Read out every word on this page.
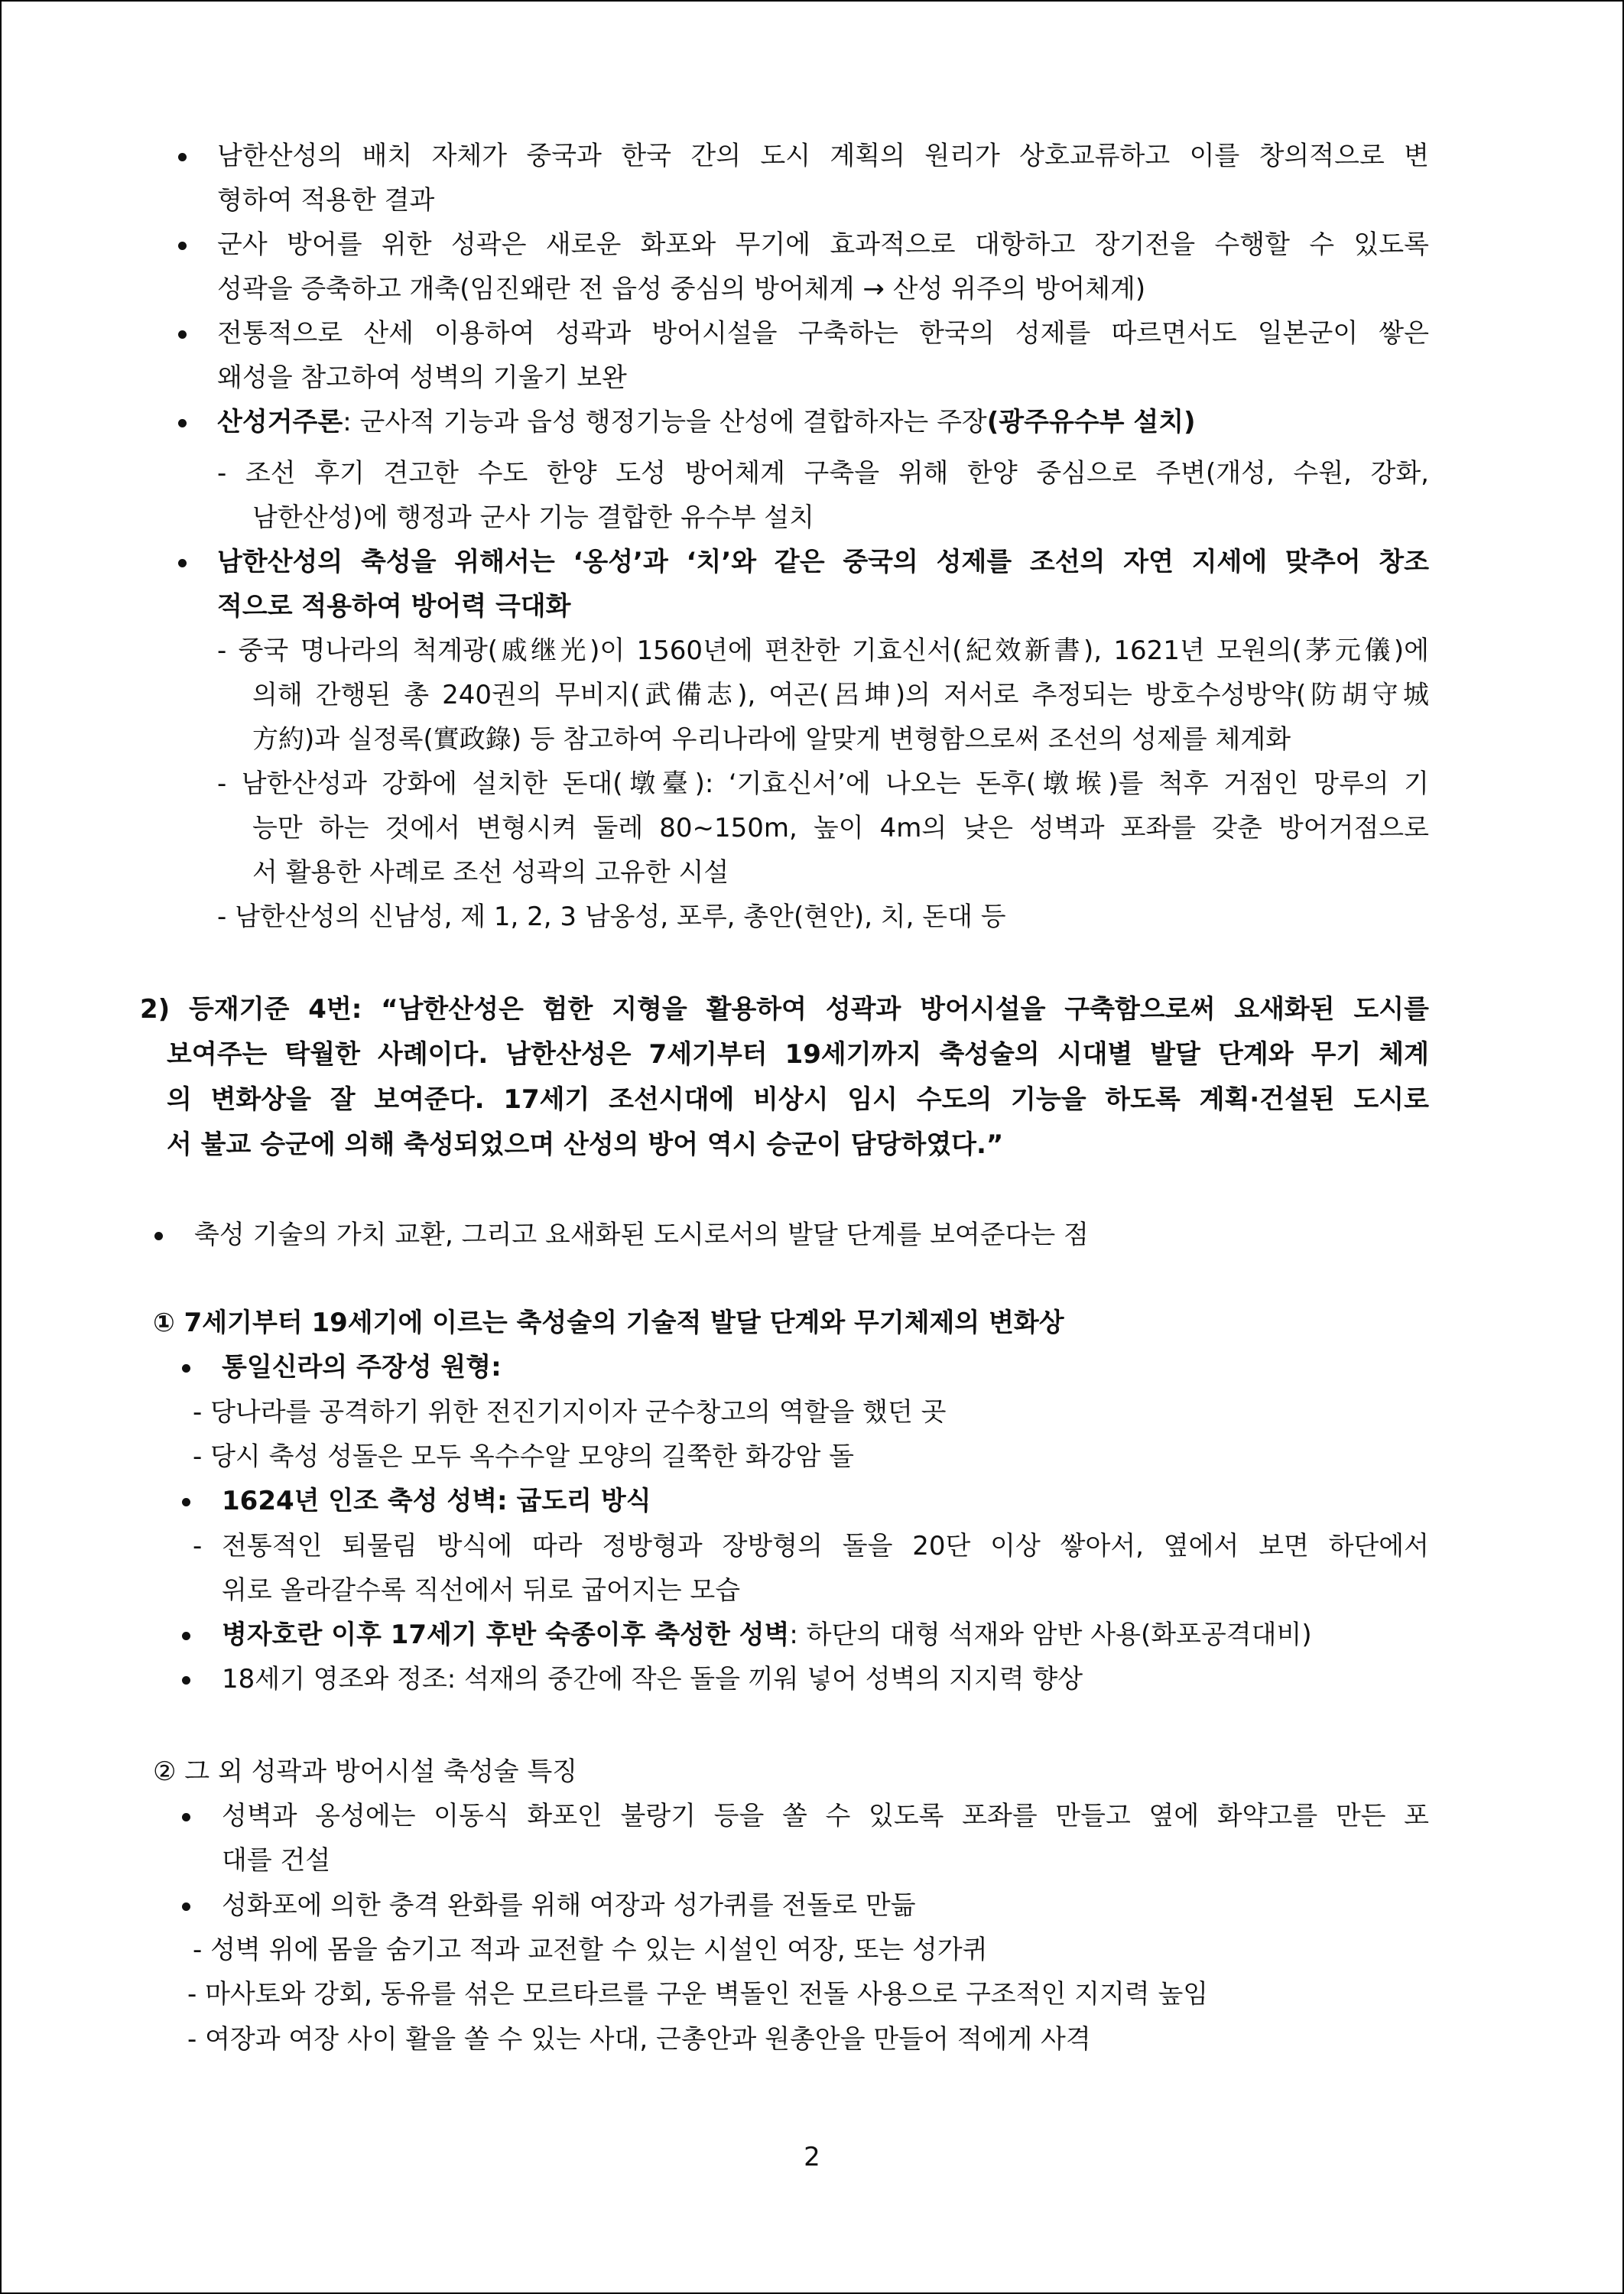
남한산성의 배치 자체가 중국과 한국 간의 도시 계획의 원리가 상호교류하고 이를 창의적으로 변
형하여 적용한 결과
군사 방어를 위한 성곽은 새로운 화포와 무기에 효과적으로 대항하고 장기전을 수행할 수 있도록
성곽을 증축하고 개축(임진왜란 전 읍성 중심의 방어체계 → 산성 위주의 방어체계)
전통적으로 산세 이용하여 성곽과 방어시설을 구축하는 한국의 성제를 따르면서도 일본군이 쌓은
왜성을 참고하여 성벽의 기울기 보완
산성거주론: 군사적 기능과 읍성 행정기능을 산성에 결합하자는 주장(광주유수부 설치)
- 조선 후기 견고한 수도 한양 도성 방어체계 구축을 위해 한양 중심으로 주변(개성, 수원, 강화,
남한산성)에 행정과 군사 기능 결합한 유수부 설치
남한산성의 축성을 위해서는 ‘옹성’과 ‘치’와 같은 중국의 성제를 조선의 자연 지세에 맞추어 창조
적으로 적용하여 방어력 극대화
- 중국 명나라의 척계광(戚继光)이 1560년에 편찬한 기효신서(紀效新書), 1621년 모원의(茅元儀)에
의해 간행된 총 240권의 무비지(武備志), 여곤(呂坤)의 저서로 추정되는 방호수성방약(防胡守城
方約)과 실정록(實政錄) 등 참고하여 우리나라에 알맞게 변형함으로써 조선의 성제를 체계화
- 남한산성과 강화에 설치한 돈대(墩臺): ‘기효신서’에 나오는 돈후(墩堠)를 척후 거점인 망루의 기
능만 하는 것에서 변형시켜 둘레 80~150m, 높이 4m의 낮은 성벽과 포좌를 갖춘 방어거점으로
서 활용한 사례로 조선 성곽의 고유한 시설
- 남한산성의 신남성, 제 1, 2, 3 남옹성, 포루, 총안(현안), 치, 돈대 등
2) 등재기준 4번: “남한산성은 험한 지형을 활용하여 성곽과 방어시설을 구축함으로써 요새화된 도시를
보여주는 탁월한 사례이다. 남한산성은 7세기부터 19세기까지 축성술의 시대별 발달 단계와 무기 체계
의 변화상을 잘 보여준다. 17세기 조선시대에 비상시 임시 수도의 기능을 하도록 계획·건설된 도시로
서 불교 승군에 의해 축성되었으며 산성의 방어 역시 승군이 담당하였다.”
축성 기술의 가치 교환, 그리고 요새화된 도시로서의 발달 단계를 보여준다는 점
① 7세기부터 19세기에 이르는 축성술의 기술적 발달 단계와 무기체제의 변화상
통일신라의 주장성 원형:
- 당나라를 공격하기 위한 전진기지이자 군수창고의 역할을 했던 곳
- 당시 축성 성돌은 모두 옥수수알 모양의 길쭉한 화강암 돌
1624년 인조 축성 성벽: 굽도리 방식
- 전통적인 퇴물림 방식에 따라 정방형과 장방형의 돌을 20단 이상 쌓아서, 옆에서 보면 하단에서
위로 올라갈수록 직선에서 뒤로 굽어지는 모습
병자호란 이후 17세기 후반 숙종이후 축성한 성벽: 하단의 대형 석재와 암반 사용(화포공격대비)
18세기 영조와 정조: 석재의 중간에 작은 돌을 끼워 넣어 성벽의 지지력 향상
② 그 외 성곽과 방어시설 축성술 특징
성벽과 옹성에는 이동식 화포인 불랑기 등을 쏠 수 있도록 포좌를 만들고 옆에 화약고를 만든 포
대를 건설
성화포에 의한 충격 완화를 위해 여장과 성가퀴를 전돌로 만듦
- 성벽 위에 몸을 숨기고 적과 교전할 수 있는 시설인 여장, 또는 성가퀴
- 마사토와 강회, 동유를 섞은 모르타르를 구운 벽돌인 전돌 사용으로 구조적인 지지력 높임
- 여장과 여장 사이 활을 쏠 수 있는 사대, 근총안과 원총안을 만들어 적에게 사격
2
